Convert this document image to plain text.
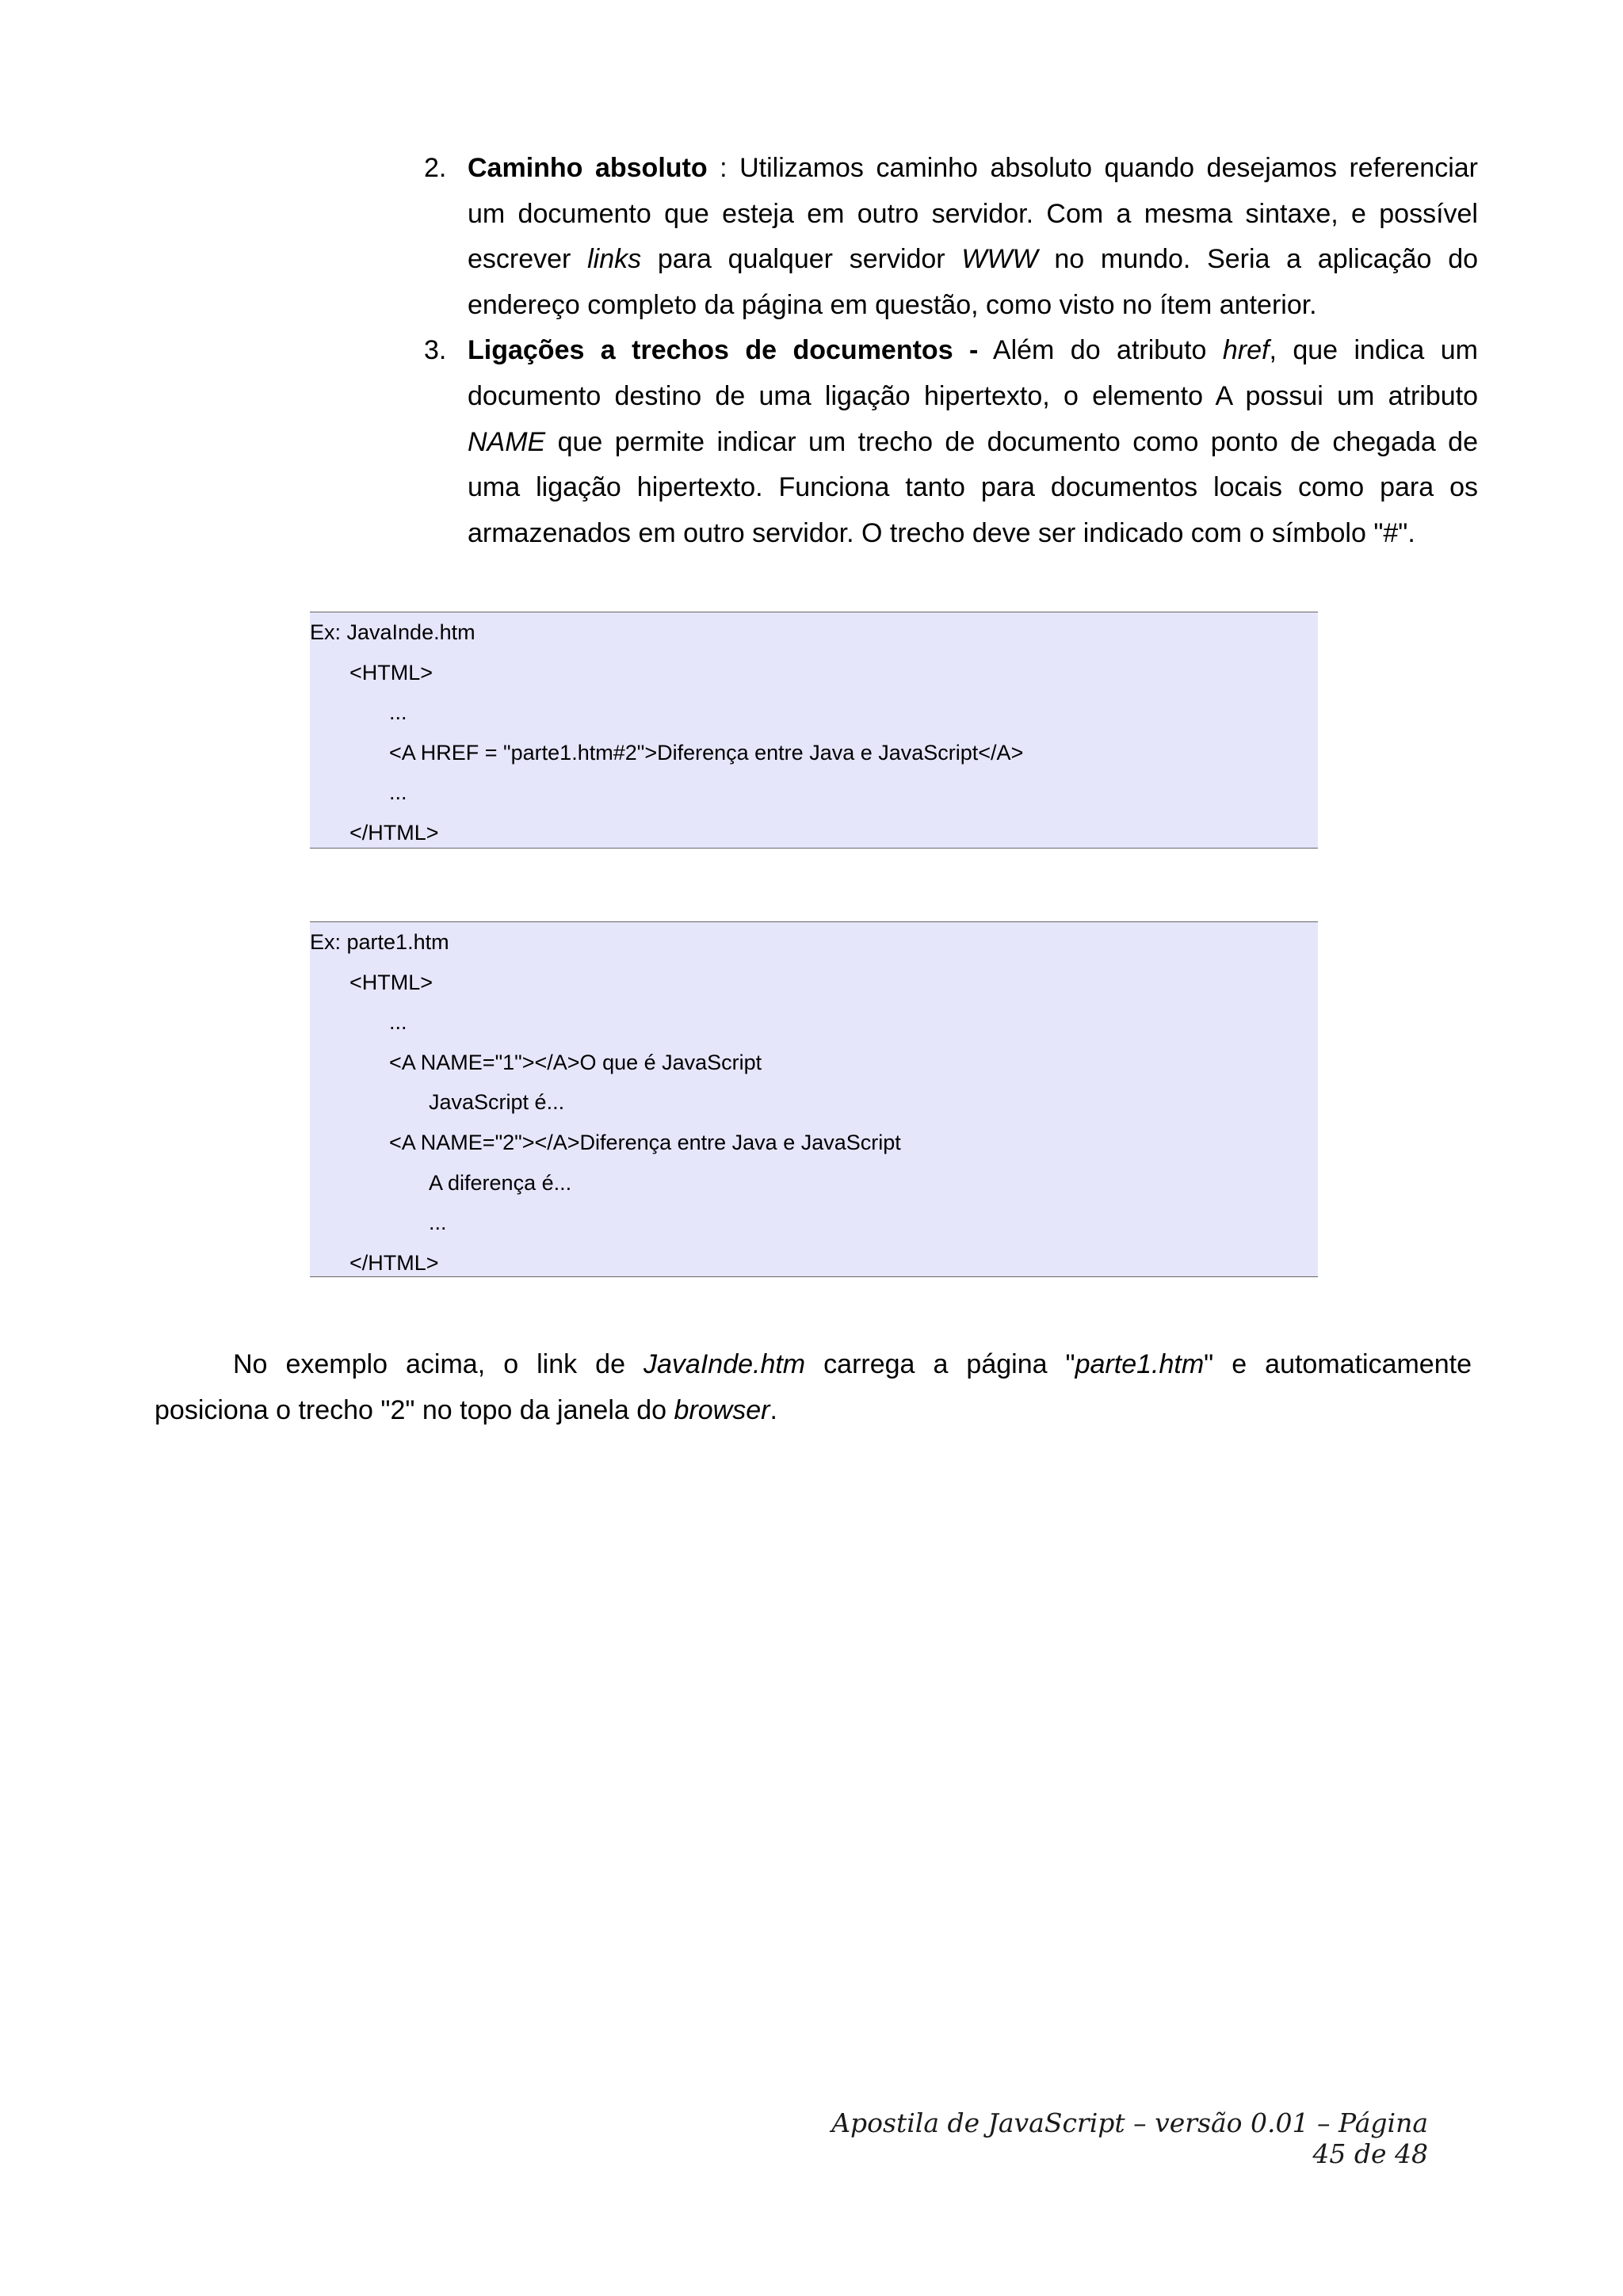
2. Caminho absoluto : Utilizamos caminho absoluto quando desejamos referenciar um documento que esteja em outro servidor. Com a mesma sintaxe, e possível escrever links para qualquer servidor WWW no mundo. Seria a aplicação do endereço completo da página em questão, como visto no ítem anterior.
3. Ligações a trechos de documentos - Além do atributo href, que indica um documento destino de uma ligação hipertexto, o elemento A possui um atributo NAME que permite indicar um trecho de documento como ponto de chegada de uma ligação hipertexto. Funciona tanto para documentos locais como para os armazenados em outro servidor. O trecho deve ser indicado com o símbolo "#".
Ex: JavaInde.htm
<HTML>
...
<A HREF = "parte1.htm#2">Diferença entre Java e JavaScript</A>
...
</HTML>
Ex: parte1.htm
<HTML>
...
<A NAME="1"></A>O que é JavaScript
JavaScript é...
<A NAME="2"></A>Diferença entre Java e JavaScript
A diferença é...
...
</HTML>

No exemplo acima, o link de JavaInde.htm carrega a página "parte1.htm" e automaticamente

posiciona o trecho "2" no topo da janela do browser.

Apostila de JavaScript – versão 0.01 – Página 45 de 48
